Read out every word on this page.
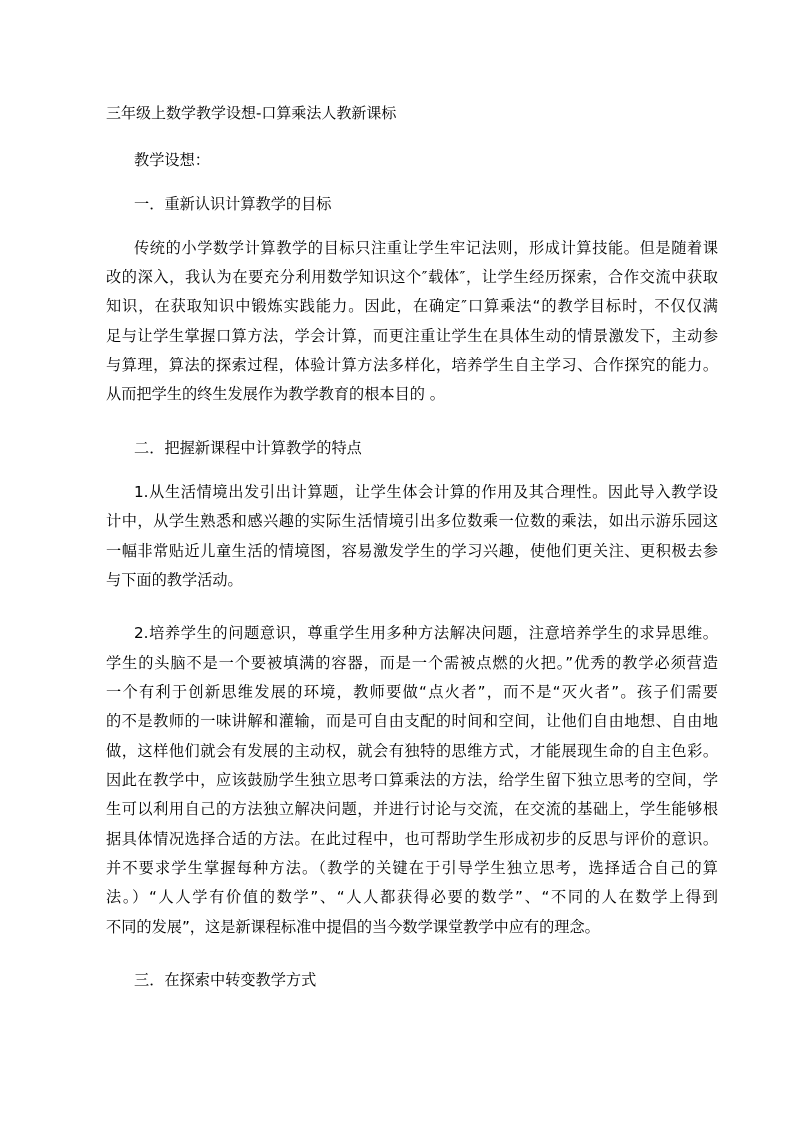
三年级上数学教学设想-口算乘法人教新课标
教学设想：
一．重新认识计算教学的目标
传统的小学数学计算教学的目标只注重让学生牢记法则，形成计算技能。但是随着课
改的深入，我认为在要充分利用数学知识这个″载体″，让学生经历探索，合作交流中获取
知识，在获取知识中锻炼实践能力。因此，在确定″口算乘法“的教学目标时，不仅仅满
足与让学生掌握口算方法，学会计算，而更注重让学生在具体生动的情景激发下，主动参
与算理，算法的探索过程，体验计算方法多样化，培养学生自主学习、合作探究的能力。
从而把学生的终生发展作为教学教育的根本目的 。
二．把握新课程中计算教学的特点
1.从生活情境出发引出计算题，让学生体会计算的作用及其合理性。因此导入教学设
计中，从学生熟悉和感兴趣的实际生活情境引出多位数乘一位数的乘法，如出示游乐园这
一幅非常贴近儿童生活的情境图，容易激发学生的学习兴趣，使他们更关注、更积极去参
与下面的教学活动。
2.培养学生的问题意识，尊重学生用多种方法解决问题，注意培养学生的求异思维。
学生的头脑不是一个要被填满的容器，而是一个需被点燃的火把。”优秀的教学必须营造
一个有利于创新思维发展的环境，教师要做“点火者”，而不是“灭火者”。孩子们需要
的不是教师的一味讲解和灌输，而是可自由支配的时间和空间，让他们自由地想、自由地
做，这样他们就会有发展的主动权，就会有独特的思维方式，才能展现生命的自主色彩。
因此在教学中，应该鼓励学生独立思考口算乘法的方法，给学生留下独立思考的空间，学
生可以利用自己的方法独立解决问题，并进行讨论与交流，在交流的基础上，学生能够根
据具体情况选择合适的方法。在此过程中，也可帮助学生形成初步的反思与评价的意识。
并不要求学生掌握每种方法。（教学的关键在于引导学生独立思考，选择适合自己的算
法。）“人人学有价值的数学”、“人人都获得必要的数学”、“不同的人在数学上得到
不同的发展”，这是新课程标准中提倡的当今数学课堂教学中应有的理念。
三．在探索中转变教学方式
